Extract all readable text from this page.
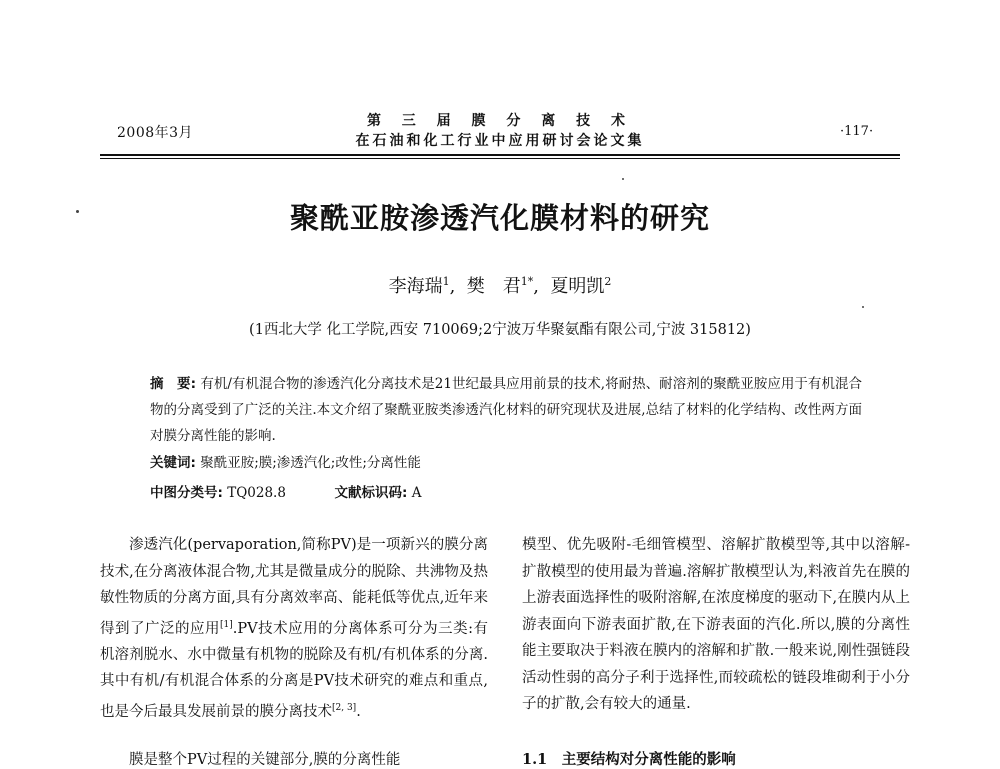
2008年3月
第 三 届 膜 分 离 技 术
在石油和化工行业中应用研讨会论文集
·117·
聚酰亚胺渗透汽化膜材料的研究
李海瑞$^1$,  樊　君$^{1*}$,  夏明凯$^2$
(1西北大学 化工学院,西安 710069;2宁波万华聚氨酯有限公司,宁波 315812)
摘　要: 有机/有机混合物的渗透汽化分离技术是21世纪最具应用前景的技术,将耐热、耐溶剂的聚酰亚胺应用于有机混合物的分离受到了广泛的关注.本文介绍了聚酰亚胺类渗透汽化材料的研究现状及进展,总结了材料的化学结构、改性两方面对膜分离性能的影响.
关键词: 聚酰亚胺;膜;渗透汽化;改性;分离性能
中图分类号: TQ028.8	文献标识码: A
渗透汽化(pervaporation,简称PV)是一项新兴的膜分离技术,在分离液体混合物,尤其是微量成分的脱除、共沸物及热敏性物质的分离方面,具有分离效率高、能耗低等优点,近年来得到了广泛的应用[1].PV技术应用的分离体系可分为三类:有机溶剂脱水、水中微量有机物的脱除及有机/有机体系的分离.其中有机/有机混合体系的分离是PV技术研究的难点和重点,也是今后最具发展前景的膜分离技术[2, 3].
模型、优先吸附-毛细管模型、溶解扩散模型等,其中以溶解-扩散模型的使用最为普遍.溶解扩散模型认为,料液首先在膜的上游表面选择性的吸附溶解,在浓度梯度的驱动下,在膜内从上游表面向下游表面扩散,在下游表面的汽化.所以,膜的分离性能主要取决于料液在膜内的溶解和扩散.一般来说,刚性强链段活动性弱的高分子利于选择性,而较疏松的链段堆砌利于小分子的扩散,会有较大的通量.
膜是整个PV过程的关键部分,膜的分离性能	1.1　主要结构对分离性能的影响
